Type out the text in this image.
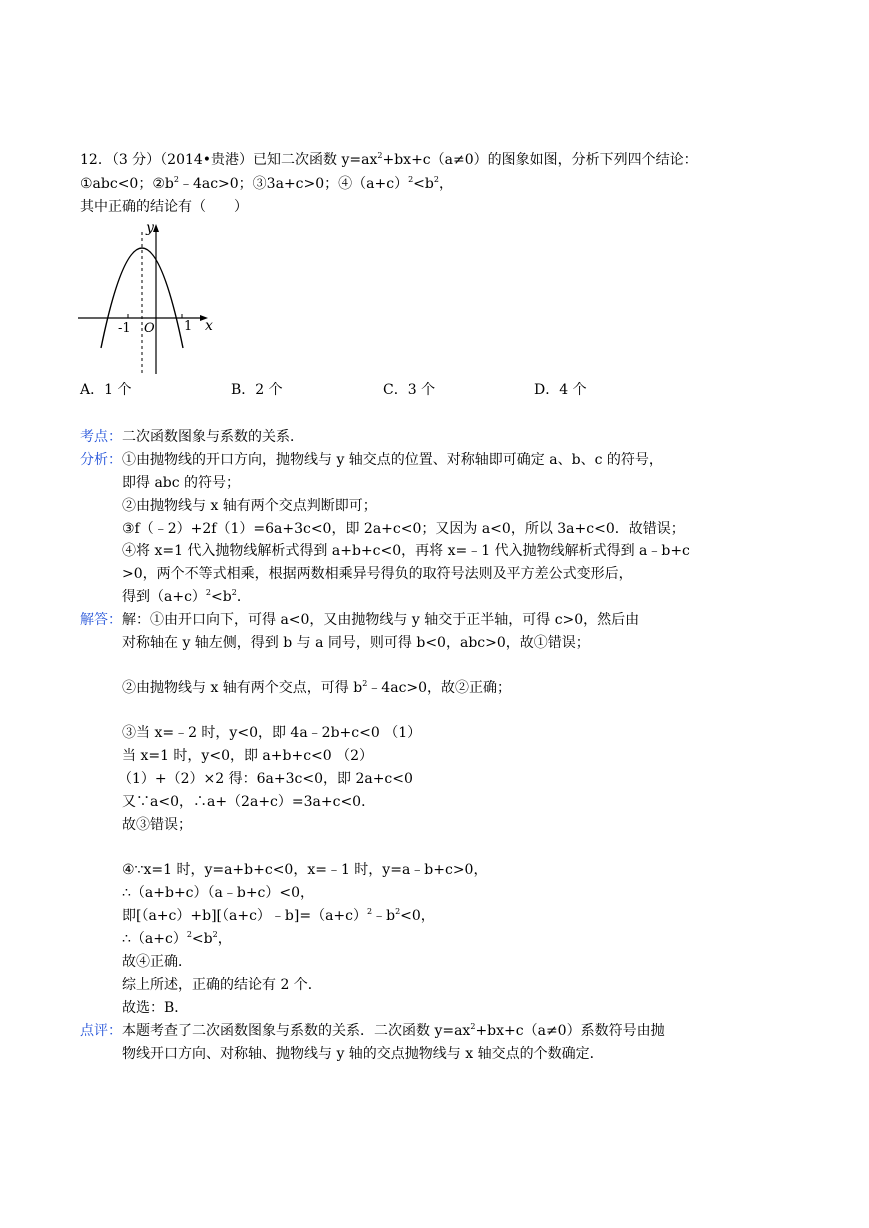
12．（3 分）（2014•贵港）已知二次函数 $y=ax^2+bx+c(a\ne 0)$的图象如图，分析下列四个结论：
①abc<0；$②b^2﹣4ac>0$；③3a+c>0；$④(a+c)^2<b^2$，
其中正确的结论有（　　）
y
x
O
-1	1
A．1 个	B．2 个	C．3 个	D．4 个
考点：二次函数图象与系数的关系．
分析：①由抛物线的开口方向，抛物线与 y 轴交点的位置、对称轴即可确定 a、b、c 的符号，
即得 abc 的符号；
②由抛物线与 x 轴有两个交点判断即可；
③f（﹣2）+2f（1）=6a+3c<0，即 2a+c<0；又因为 a<0，所以 3a+c<0．故错误；
④将 x=1 代入抛物线解析式得到 a+b+c<0，再将 x=﹣1 代入抛物线解析式得到 a﹣b+c
>0，两个不等式相乘，根据两数相乘异号得负的取符号法则及平方差公式变形后，
得到$(a+c)^2<b^2$．
解答：解：①由开口向下，可得 a<0，又由抛物线与 y 轴交于正半轴，可得 c>0，然后由
对称轴在 y 轴左侧，得到 b 与 a 同号，则可得 b<0，abc>0，故①错误；
②由抛物线与 x 轴有两个交点，可得 $b^2﹣4ac>0$，故②正确；
③当 x=﹣2 时，y<0，即 4a﹣2b+c<0 （1）
当 x=1 时，y<0，即 a+b+c<0 （2）
（1）+（2）×2 得：6a+3c<0，即 2a+c<0
又∵a<0，∴a+（2a+c）=3a+c<0．
故③错误；
④∵x=1 时，y=a+b+c<0，x=﹣1 时，y=a﹣b+c>0，
∴（a+b+c）（a﹣b+c）<0，
即$[(a+c)+b][(a+c)﹣b]=(a+c)^2﹣b^2<0$，
$\therefore(a+c)^2<b^2$，
故④正确．
综上所述，正确的结论有 2 个．
故选：B．
点评：本题考查了二次函数图象与系数的关系．二次函数 $y=ax^2+bx+c(a\ne 0)$系数符号由抛
物线开口方向、对称轴、抛物线与 y 轴的交点抛物线与 x 轴交点的个数确定．
